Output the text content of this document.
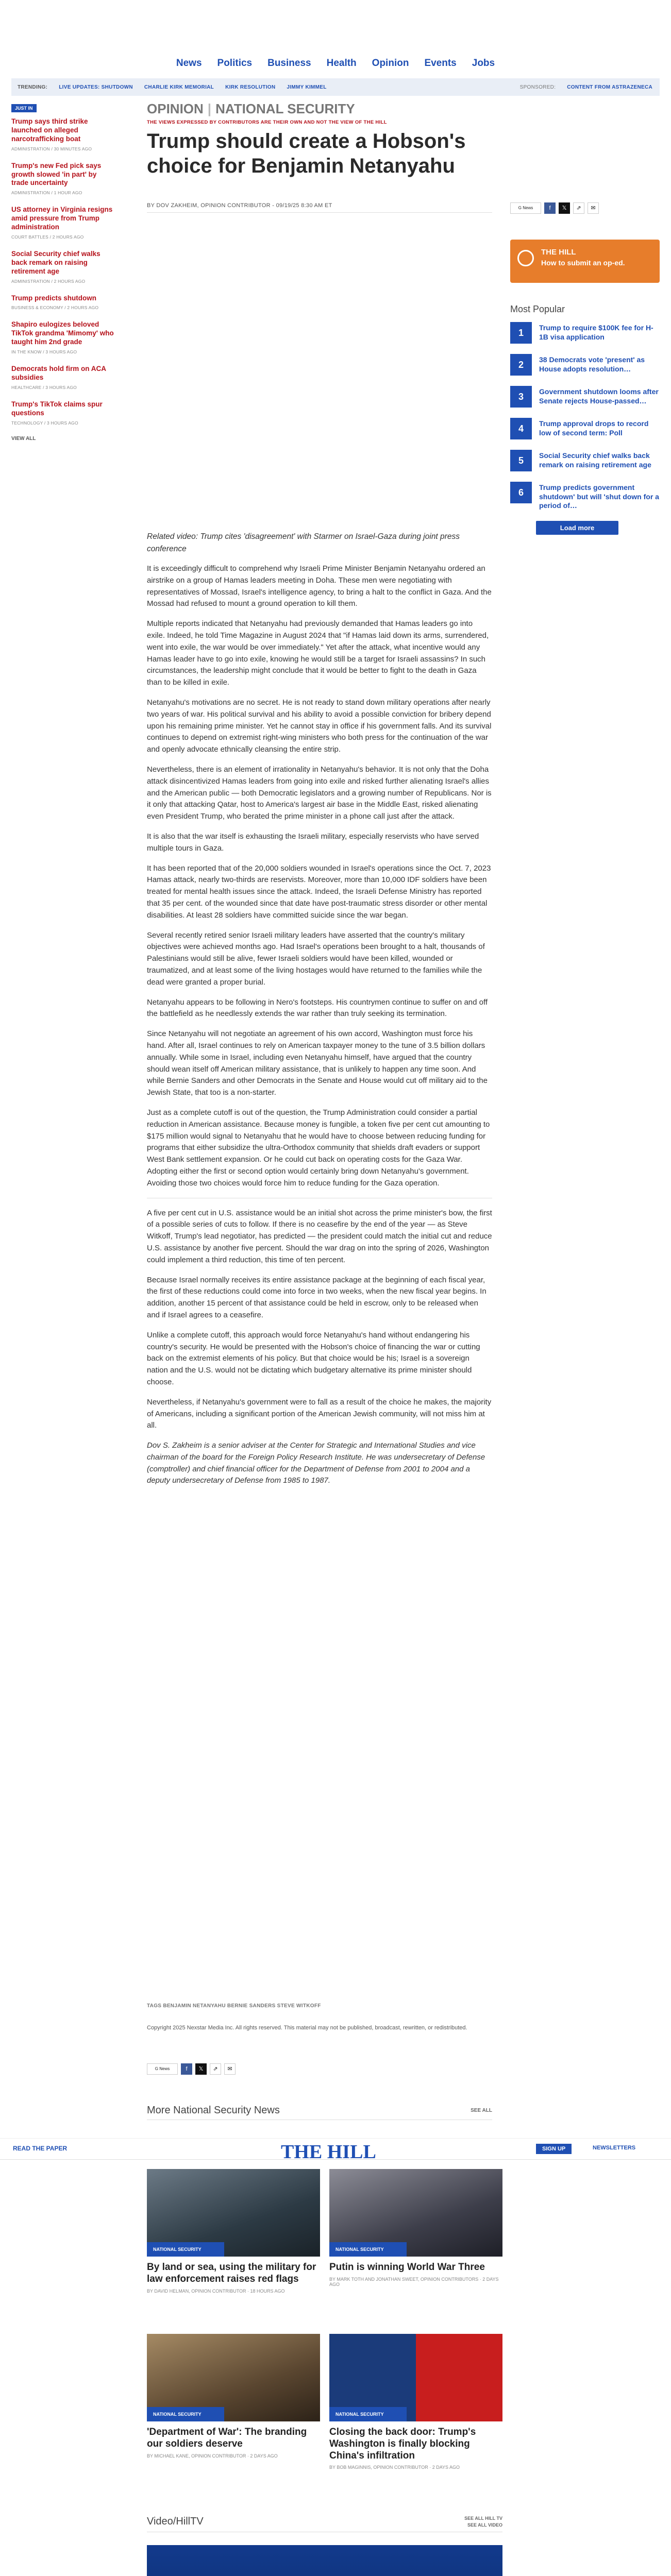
News Politics Business Health Opinion Events Jobs
TRENDING: LIVE UPDATES: SHUTDOWN CHARLIE KIRK MEMORIAL KIRK RESOLUTION JIMMY KIMMEL	SPONSORED: CONTENT FROM ASTRAZENECA
JUST IN
Trump says third strike launched on alleged narcotrafficking boat
ADMINISTRATION / 30 MINUTES AGO
Trump's new Fed pick says growth slowed 'in part' by trade uncertainty
ADMINISTRATION / 1 HOUR AGO
US attorney in Virginia resigns amid pressure from Trump administration
COURT BATTLES / 2 HOURS AGO
Social Security chief walks back remark on raising retirement age
ADMINISTRATION / 2 HOURS AGO
Trump predicts shutdown
BUSINESS & ECONOMY / 2 HOURS AGO
Shapiro eulogizes beloved TikTok grandma 'Mimomy' who taught him 2nd grade
IN THE KNOW / 3 HOURS AGO
Democrats hold firm on ACA subsidies
HEALTHCARE / 3 HOURS AGO
Trump's TikTok claims spur questions
TECHNOLOGY / 3 HOURS AGO
VIEW ALL
OPINION | NATIONAL SECURITY
THE VIEWS EXPRESSED BY CONTRIBUTORS ARE THEIR OWN AND NOT THE VIEW OF THE HILL
Trump should create a Hobson's choice for Benjamin Netanyahu
BY DOV ZAKHEIM, OPINION CONTRIBUTOR - 09/19/25 8:30 AM ET	G News	f	𝕏	⇗	✉
THE HILL
How to submit an op-ed.
Most Popular
1	Trump to require $100K fee for H-1B visa application
2	38 Democrats vote 'present' as House adopts resolution…
3	Government shutdown looms after Senate rejects House-passed…
4	Trump approval drops to record low of second term: Poll
5	Social Security chief walks back remark on raising retirement age
6	Trump predicts government shutdown' but will 'shut down for a period of…
Load more

Related video: Trump cites 'disagreement' with Starmer on Israel-Gaza during joint press conference

It is exceedingly difficult to comprehend why Israeli Prime Minister Benjamin Netanyahu ordered an airstrike on a group of Hamas leaders meeting in Doha. These men were negotiating with representatives of Mossad, Israel's intelligence agency, to bring a halt to the conflict in Gaza. And the Mossad had refused to mount a ground operation to kill them.

Multiple reports indicated that Netanyahu had previously demanded that Hamas leaders go into exile. Indeed, he told Time Magazine in August 2024 that "if Hamas laid down its arms, surrendered, went into exile, the war would be over immediately." Yet after the attack, what incentive would any Hamas leader have to go into exile, knowing he would still be a target for Israeli assassins? In such circumstances, the leadership might conclude that it would be better to fight to the death in Gaza than to be killed in exile.

Netanyahu's motivations are no secret. He is not ready to stand down military operations after nearly two years of war. His political survival and his ability to avoid a possible conviction for bribery depend upon his remaining prime minister. Yet he cannot stay in office if his government falls. And its survival continues to depend on extremist right-wing ministers who both press for the continuation of the war and openly advocate ethnically cleansing the entire strip.

Nevertheless, there is an element of irrationality in Netanyahu's behavior. It is not only that the Doha attack disincentivized Hamas leaders from going into exile and risked further alienating Israel's allies and the American public — both Democratic legislators and a growing number of Republicans. Nor is it only that attacking Qatar, host to America's largest air base in the Middle East, risked alienating even President Trump, who berated the prime minister in a phone call just after the attack.

It is also that the war itself is exhausting the Israeli military, especially reservists who have served multiple tours in Gaza.

It has been reported that of the 20,000 soldiers wounded in Israel's operations since the Oct. 7, 2023 Hamas attack, nearly two-thirds are reservists. Moreover, more than 10,000 IDF soldiers have been treated for mental health issues since the attack. Indeed, the Israeli Defense Ministry has reported that 35 per cent. of the wounded since that date have post-traumatic stress disorder or other mental disabilities. At least 28 soldiers have committed suicide since the war began.

Several recently retired senior Israeli military leaders have asserted that the country's military objectives were achieved months ago. Had Israel's operations been brought to a halt, thousands of Palestinians would still be alive, fewer Israeli soldiers would have been killed, wounded or traumatized, and at least some of the living hostages would have returned to the families while the dead were granted a proper burial.

Netanyahu appears to be following in Nero's footsteps. His countrymen continue to suffer on and off the battlefield as he needlessly extends the war rather than truly seeking its termination.

Since Netanyahu will not negotiate an agreement of his own accord, Washington must force his hand. After all, Israel continues to rely on American taxpayer money to the tune of 3.5 billion dollars annually. While some in Israel, including even Netanyahu himself, have argued that the country should wean itself off American military assistance, that is unlikely to happen any time soon. And while Bernie Sanders and other Democrats in the Senate and House would cut off military aid to the Jewish State, that too is a non-starter.

Just as a complete cutoff is out of the question, the Trump Administration could consider a partial reduction in American assistance. Because money is fungible, a token five per cent cut amounting to $175 million would signal to Netanyahu that he would have to choose between reducing funding for programs that either subsidize the ultra-Orthodox community that shields draft evaders or support West Bank settlement expansion. Or he could cut back on operating costs for the Gaza War. Adopting either the first or second option would certainly bring down Netanyahu's government. Avoiding those two choices would force him to reduce funding for the Gaza operation.

A five per cent cut in U.S. assistance would be an initial shot across the prime minister's bow, the first of a possible series of cuts to follow. If there is no ceasefire by the end of the year — as Steve Witkoff, Trump's lead negotiator, has predicted — the president could match the initial cut and reduce U.S. assistance by another five percent. Should the war drag on into the spring of 2026, Washington could implement a third reduction, this time of ten percent.

Because Israel normally receives its entire assistance package at the beginning of each fiscal year, the first of these reductions could come into force in two weeks, when the new fiscal year begins. In addition, another 15 percent of that assistance could be held in escrow, only to be released when and if Israel agrees to a ceasefire.

Unlike a complete cutoff, this approach would force Netanyahu's hand without endangering his country's security. He would be presented with the Hobson's choice of financing the war or cutting back on the extremist elements of his policy. But that choice would be his; Israel is a sovereign nation and the U.S. would not be dictating which budgetary alternative its prime minister should choose.

Nevertheless, if Netanyahu's government were to fall as a result of the choice he makes, the majority of Americans, including a significant portion of the American Jewish community, will not miss him at all.

Dov S. Zakheim is a senior adviser at the Center for Strategic and International Studies and vice chairman of the board for the Foreign Policy Research Institute. He was undersecretary of Defense (comptroller) and chief financial officer for the Department of Defense from 2001 to 2004 and a deputy undersecretary of Defense from 1985 to 1987.

TAGS BENJAMIN NETANYAHU BERNIE SANDERS STEVE WITKOFF
Copyright 2025 Nexstar Media Inc. All rights reserved. This material may not be published, broadcast, rewritten, or redistributed.
G News	f	𝕏	⇗	✉
More National Security News	SEE ALL
READ THE PAPER	THE HILL	SIGN UP	NEWSLETTERS
NATIONAL SECURITY
By land or sea, using the military for law enforcement raises red flags
BY DAVID HELMAN, OPINION CONTRIBUTOR · 18 HOURS AGO
NATIONAL SECURITY
Putin is winning World War Three
BY MARK TOTH AND JONATHAN SWEET, OPINION CONTRIBUTORS · 2 DAYS AGO
NATIONAL SECURITY
'Department of War': The branding our soldiers deserve
BY MICHAEL KANE, OPINION CONTRIBUTOR · 2 DAYS AGO
NATIONAL SECURITY
Closing the back door: Trump's Washington is finally blocking China's infiltration
BY BOB MAGINNIS, OPINION CONTRIBUTOR · 2 DAYS AGO
Video/HillTV	SEE ALL HILL TV
SEE ALL VIDEO
